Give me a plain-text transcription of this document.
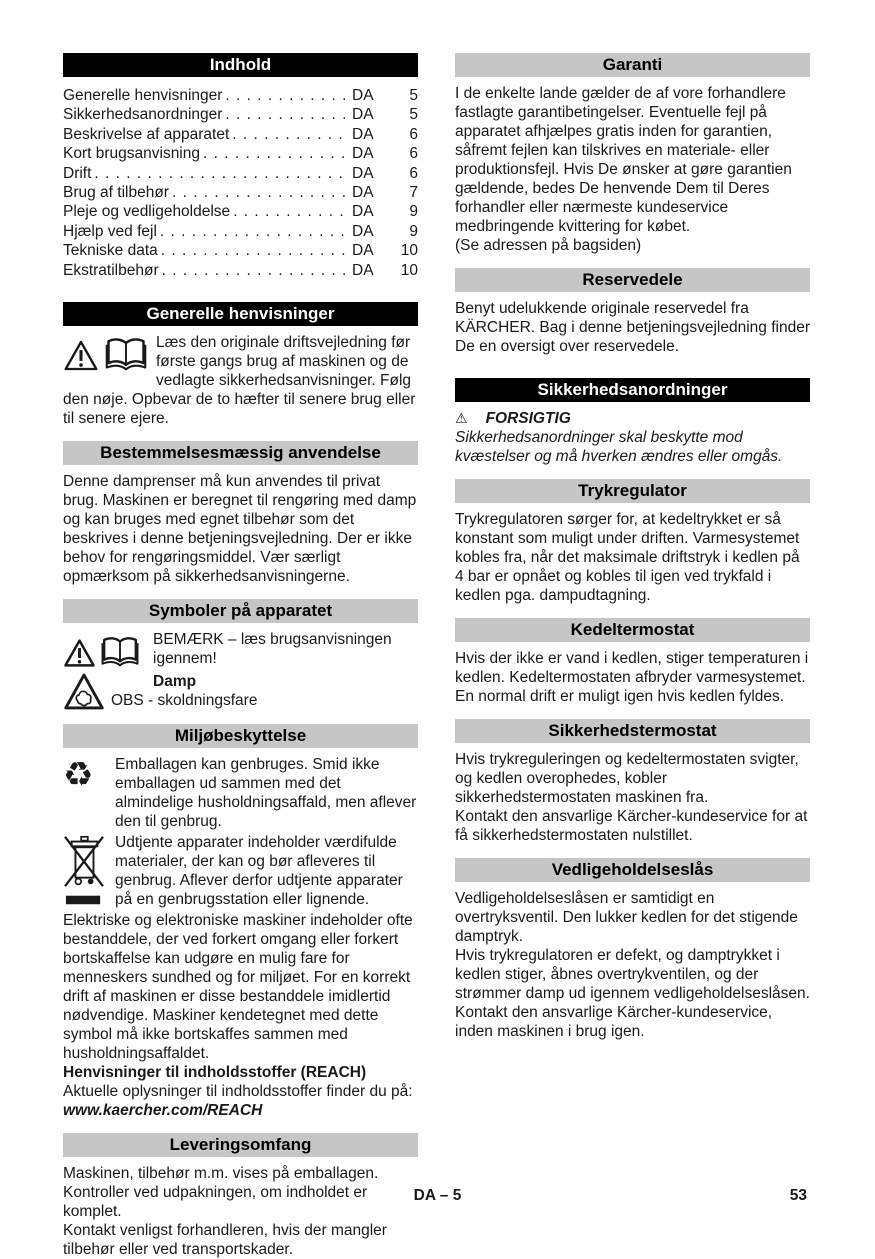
Indhold
Generelle henvisninger . . .	DA	5
Sikkerhedsanordninger . . .	DA	5
Beskrivelse af apparatet . . .	DA	6
Kort brugsanvisning . . .	DA	6
Drift . . .	DA	6
Brug af tilbehør . . .	DA	7
Pleje og vedligeholdelse . . .	DA	9
Hjælp ved fejl . . .	DA	9
Tekniske data . . .	DA	10
Ekstratilbehør . . .	DA	10
Generelle henvisninger
Læs den originale driftsvejledning før første gangs brug af maskinen og de vedlagte sikkerhedsanvisninger. Følg den nøje. Opbevar de to hæfter til senere brug eller til senere ejere.
Bestemmelsesmæssig anvendelse
Denne damprenser må kun anvendes til privat brug. Maskinen er beregnet til rengøring med damp og kan bruges med egnet tilbehør som det beskrives i denne betjeningsvejledning. Der er ikke behov for rengøringsmiddel. Vær særligt opmærksom på sikkerhedsanvisningerne.
Symboler på apparatet
BEMÆRK – læs brugsanvisningen igennem!
Damp
OBS - skoldningsfare
Miljøbeskyttelse
♻	Emballagen kan genbruges. Smid ikke emballagen ud sammen med det almindelige husholdningsaffald, men aflever den til genbrug.
Udtjente apparater indeholder værdifulde materialer, der kan og bør afleveres til genbrug. Aflever derfor udtjente apparater på en genbrugsstation eller lignende.
Elektriske og elektroniske maskiner indeholder ofte bestanddele, der ved forkert omgang eller forkert bortskaffelse kan udgøre en mulig fare for menneskers sundhed og for miljøet. For en korrekt drift af maskinen er disse bestanddele imidlertid nødvendige. Maskiner kendetegnet med dette symbol må ikke bortskaffes sammen med husholdningsaffaldet.
Henvisninger til indholdsstoffer (REACH)
Aktuelle oplysninger til indholdsstoffer finder du på:
www.kaercher.com/REACH
Leveringsomfang
Maskinen, tilbehør m.m. vises på emballagen. Kontroller ved udpakningen, om indholdet er komplet.
Kontakt venligst forhandleren, hvis der mangler tilbehør eller ved transportskader.
Garanti
I de enkelte lande gælder de af vore forhandlere fastlagte garantibetingelser. Eventuelle fejl på apparatet afhjælpes gratis inden for garantien, såfremt fejlen kan tilskrives en materiale- eller produktionsfejl. Hvis De ønsker at gøre garantien gældende, bedes De henvende Dem til Deres forhandler eller nærmeste kundeservice medbringende kvittering for købet.
(Se adressen på bagsiden)
Reservedele
Benyt udelukkende originale reservedel fra KÄRCHER. Bag i denne betjeningsvejledning finder De en oversigt over reservedele.
Sikkerhedsanordninger
⚠ FORSIGTIG
Sikkerhedsanordninger skal beskytte mod kvæstelser og må hverken ændres eller omgås.
Trykregulator
Trykregulatoren sørger for, at kedeltrykket er så konstant som muligt under driften. Varmesystemet kobles fra, når det maksimale driftstryk i kedlen på 4 bar er opnået og kobles til igen ved trykfald i kedlen pga. dampudtagning.
Kedeltermostat
Hvis der ikke er vand i kedlen, stiger temperaturen i kedlen. Kedeltermostaten afbryder varmesystemet. En normal drift er muligt igen hvis kedlen fyldes.
Sikkerhedstermostat
Hvis trykreguleringen og kedeltermostaten svigter, og kedlen overophedes, kobler sikkerhedstermostaten maskinen fra.
Kontakt den ansvarlige Kärcher-kundeservice for at få sikkerhedstermostaten nulstillet.
Vedligeholdelseslås
Vedligeholdelseslåsen er samtidigt en overtryksventil. Den lukker kedlen for det stigende damptryk.
Hvis trykregulatoren er defekt, og damptrykket i kedlen stiger, åbnes overtrykventilen, og der strømmer damp ud igennem vedligeholdelseslåsen.
Kontakt den ansvarlige Kärcher-kundeservice, inden maskinen i brug igen.
DA – 5	53
